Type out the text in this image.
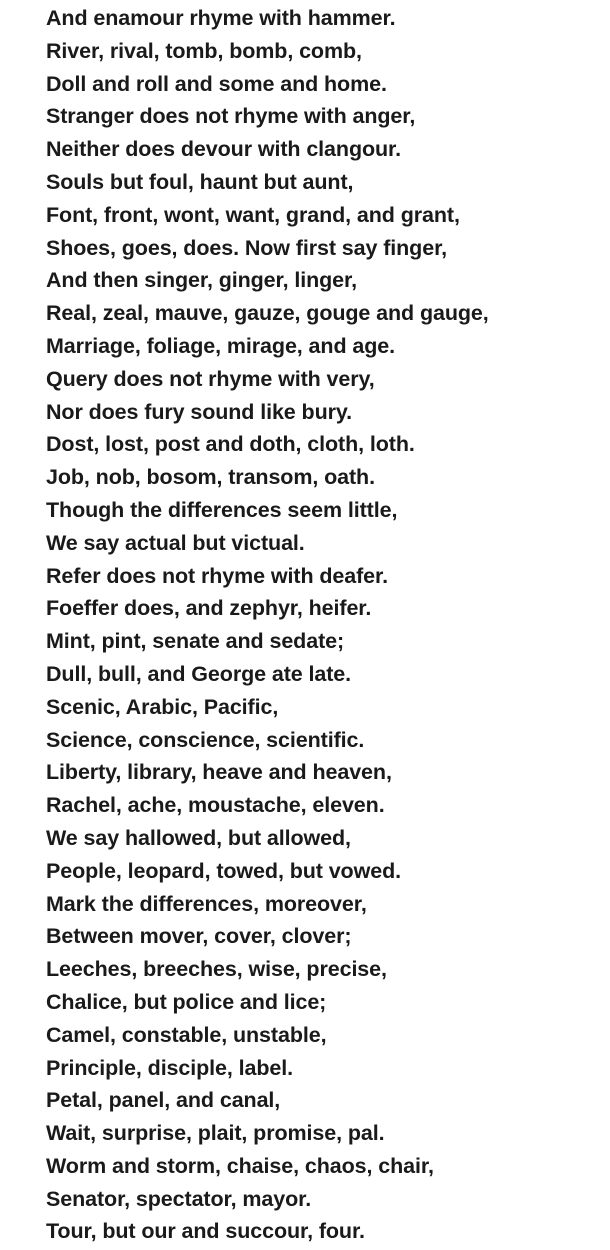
And enamour rhyme with hammer.
River, rival, tomb, bomb, comb,
Doll and roll and some and home.
Stranger does not rhyme with anger,
Neither does devour with clangour.
Souls but foul, haunt but aunt,
Font, front, wont, want, grand, and grant,
Shoes, goes, does. Now first say finger,
And then singer, ginger, linger,
Real, zeal, mauve, gauze, gouge and gauge,
Marriage, foliage, mirage, and age.
Query does not rhyme with very,
Nor does fury sound like bury.
Dost, lost, post and doth, cloth, loth.
Job, nob, bosom, transom, oath.
Though the differences seem little,
We say actual but victual.
Refer does not rhyme with deafer.
Foeffer does, and zephyr, heifer.
Mint, pint, senate and sedate;
Dull, bull, and George ate late.
Scenic, Arabic, Pacific,
Science, conscience, scientific.
Liberty, library, heave and heaven,
Rachel, ache, moustache, eleven.
We say hallowed, but allowed,
People, leopard, towed, but vowed.
Mark the differences, moreover,
Between mover, cover, clover;
Leeches, breeches, wise, precise,
Chalice, but police and lice;
Camel, constable, unstable,
Principle, disciple, label.
Petal, panel, and canal,
Wait, surprise, plait, promise, pal.
Worm and storm, chaise, chaos, chair,
Senator, spectator, mayor.
Tour, but our and succour, four.
